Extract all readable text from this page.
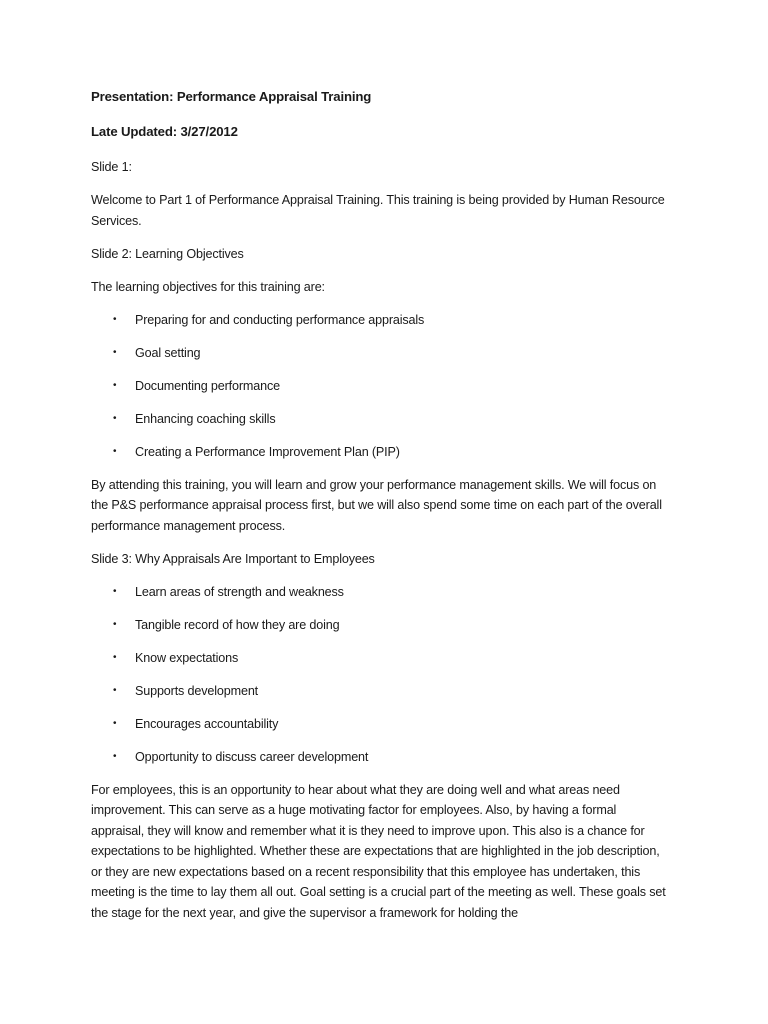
Presentation: Performance Appraisal Training
Late Updated: 3/27/2012
Slide 1:
Welcome to Part 1 of Performance Appraisal Training. This training is being provided by Human Resource Services.
Slide 2: Learning Objectives
The learning objectives for this training are:
• Preparing for and conducting performance appraisals
• Goal setting
• Documenting performance
• Enhancing coaching skills
• Creating a Performance Improvement Plan (PIP)
By attending this training, you will learn and grow your performance management skills. We will focus on the P&S performance appraisal process first, but we will also spend some time on each part of the overall performance management process.
Slide 3: Why Appraisals Are Important to Employees
• Learn areas of strength and weakness
• Tangible record of how they are doing
• Know expectations
• Supports development
• Encourages accountability
• Opportunity to discuss career development
For employees, this is an opportunity to hear about what they are doing well and what areas need improvement. This can serve as a huge motivating factor for employees. Also, by having a formal appraisal, they will know and remember what it is they need to improve upon. This also is a chance for expectations to be highlighted. Whether these are expectations that are highlighted in the job description, or they are new expectations based on a recent responsibility that this employee has undertaken, this meeting is the time to lay them all out. Goal setting is a crucial part of the meeting as well. These goals set the stage for the next year, and give the supervisor a framework for holding the
